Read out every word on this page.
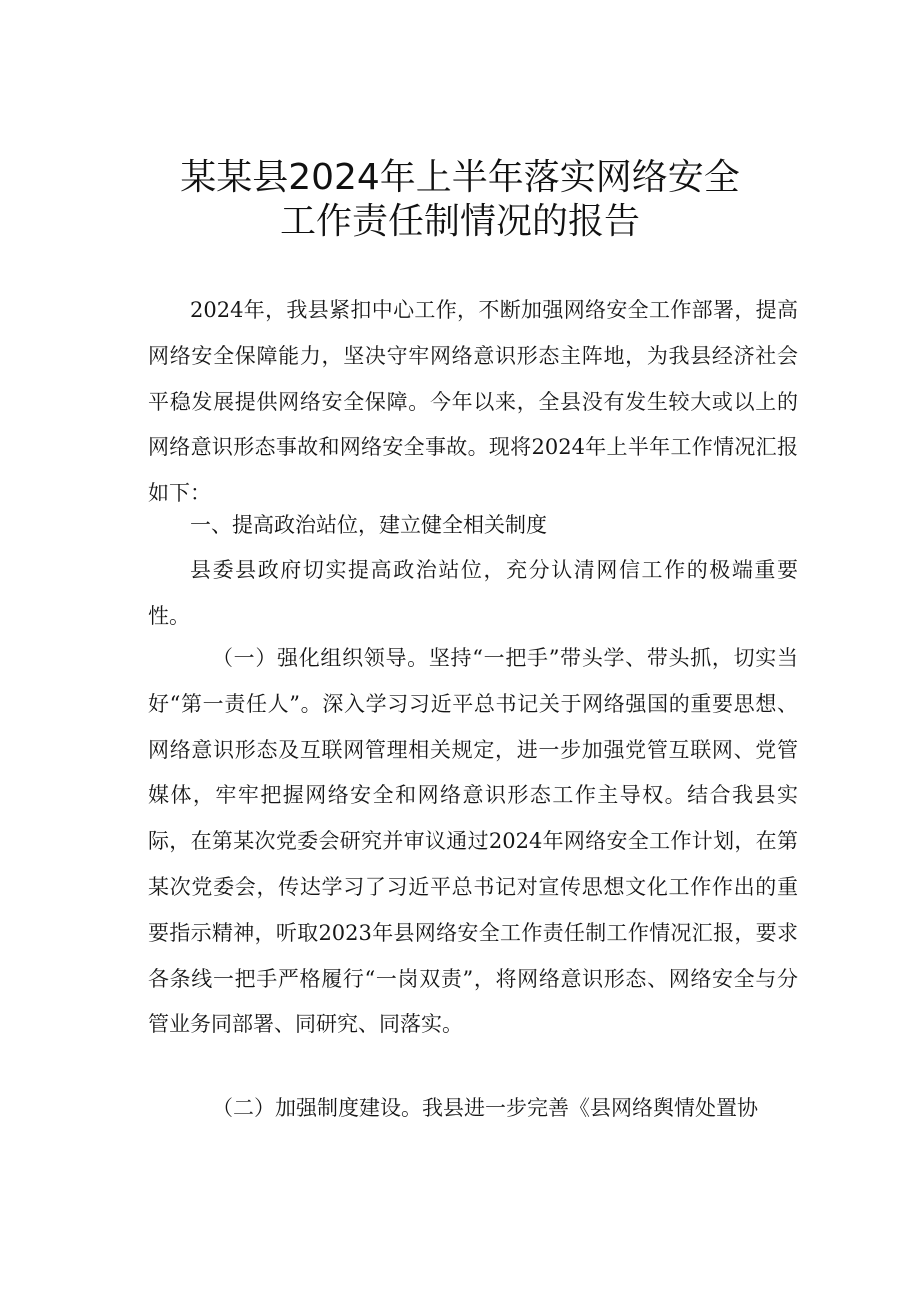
某某县2024年上半年落实网络安全
工作责任制情况的报告

2024年，我县紧扣中心工作，不断加强网络安全工作部署，提高网络安全保障能力，坚决守牢网络意识形态主阵地，为我县经济社会平稳发展提供网络安全保障。今年以来，全县没有发生较大或以上的网络意识形态事故和网络安全事故。现将2024年上半年工作情况汇报如下：

一、提高政治站位，建立健全相关制度

县委县政府切实提高政治站位，充分认清网信工作的极端重要性。

（一）强化组织领导。坚持“一把手”带头学、带头抓，切实当好“第一责任人”。深入学习习近平总书记关于网络强国的重要思想、网络意识形态及互联网管理相关规定，进一步加强党管互联网、党管媒体，牢牢把握网络安全和网络意识形态工作主导权。结合我县实际，在第某次党委会研究并审议通过2024年网络安全工作计划，在第某次党委会，传达学习了习近平总书记对宣传思想文化工作作出的重要指示精神，听取2023年县网络安全工作责任制工作情况汇报，要求各条线一把手严格履行“一岗双责”，将网络意识形态、网络安全与分管业务同部署、同研究、同落实。

（二）加强制度建设。我县进一步完善《县网络舆情处置协
